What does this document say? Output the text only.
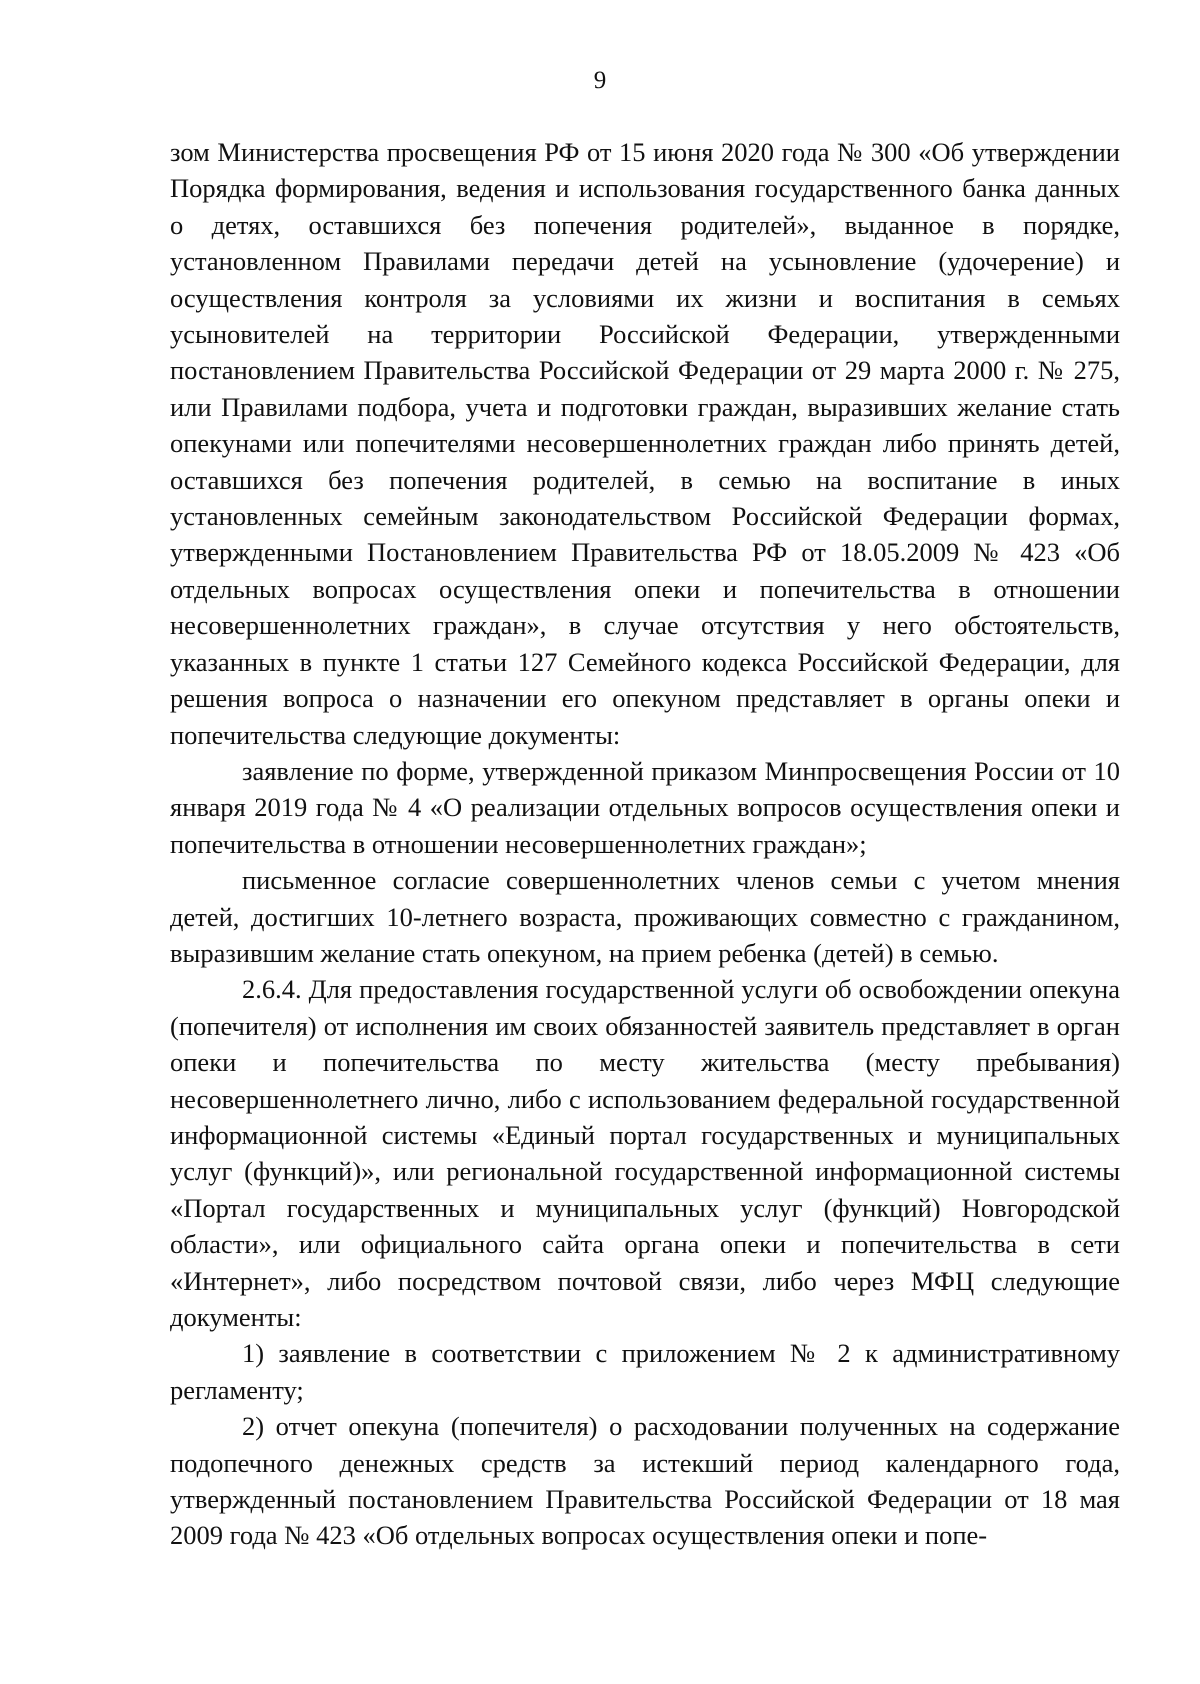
9

зом Министерства просвещения РФ от 15 июня 2020 года № 300 «Об утверждении Порядка формирования, ведения и использования государственного банка данных о детях, оставшихся без попечения родителей», выданное в порядке, установленном Правилами передачи детей на усыновление (удочерение) и осуществления контроля за условиями их жизни и воспитания в семьях усыновителей на территории Российской Федерации, утвержденными постановлением Правительства Российской Федерации от 29 марта 2000 г. № 275, или Правилами подбора, учета и подготовки граждан, выразивших желание стать опекунами или попечителями несовершеннолетних граждан либо принять детей, оставшихся без попечения родителей, в семью на воспитание в иных установленных семейным законодательством Российской Федерации формах, утвержденными Постановлением Правительства РФ от 18.05.2009 № 423 «Об отдельных вопросах осуществления опеки и попечительства в отношении несовершеннолетних граждан», в случае отсутствия у него обстоятельств, указанных в пункте 1 статьи 127 Семейного кодекса Российской Федерации, для решения вопроса о назначении его опекуном представляет в органы опеки и попечительства следующие документы:

заявление по форме, утвержденной приказом Минпросвещения России от 10 января 2019 года № 4 «О реализации отдельных вопросов осуществления опеки и попечительства в отношении несовершеннолетних граждан»;

письменное согласие совершеннолетних членов семьи с учетом мнения детей, достигших 10-летнего возраста, проживающих совместно с гражданином, выразившим желание стать опекуном, на прием ребенка (детей) в семью.

2.6.4. Для предоставления государственной услуги об освобождении опекуна (попечителя) от исполнения им своих обязанностей заявитель представляет в орган опеки и попечительства по месту жительства (месту пребывания) несовершеннолетнего лично, либо с использованием федеральной государственной информационной системы «Единый портал государственных и муниципальных услуг (функций)», или региональной государственной информационной системы «Портал государственных и муниципальных услуг (функций) Новгородской области», или официального сайта органа опеки и попечительства в сети «Интернет», либо посредством почтовой связи, либо через МФЦ следующие документы:

1) заявление в соответствии с приложением № 2 к административному регламенту;

2) отчет опекуна (попечителя) о расходовании полученных на содержание подопечного денежных средств за истекший период календарного года, утвержденный постановлением Правительства Российской Федерации от 18 мая 2009 года № 423 «Об отдельных вопросах осуществления опеки и попе-
